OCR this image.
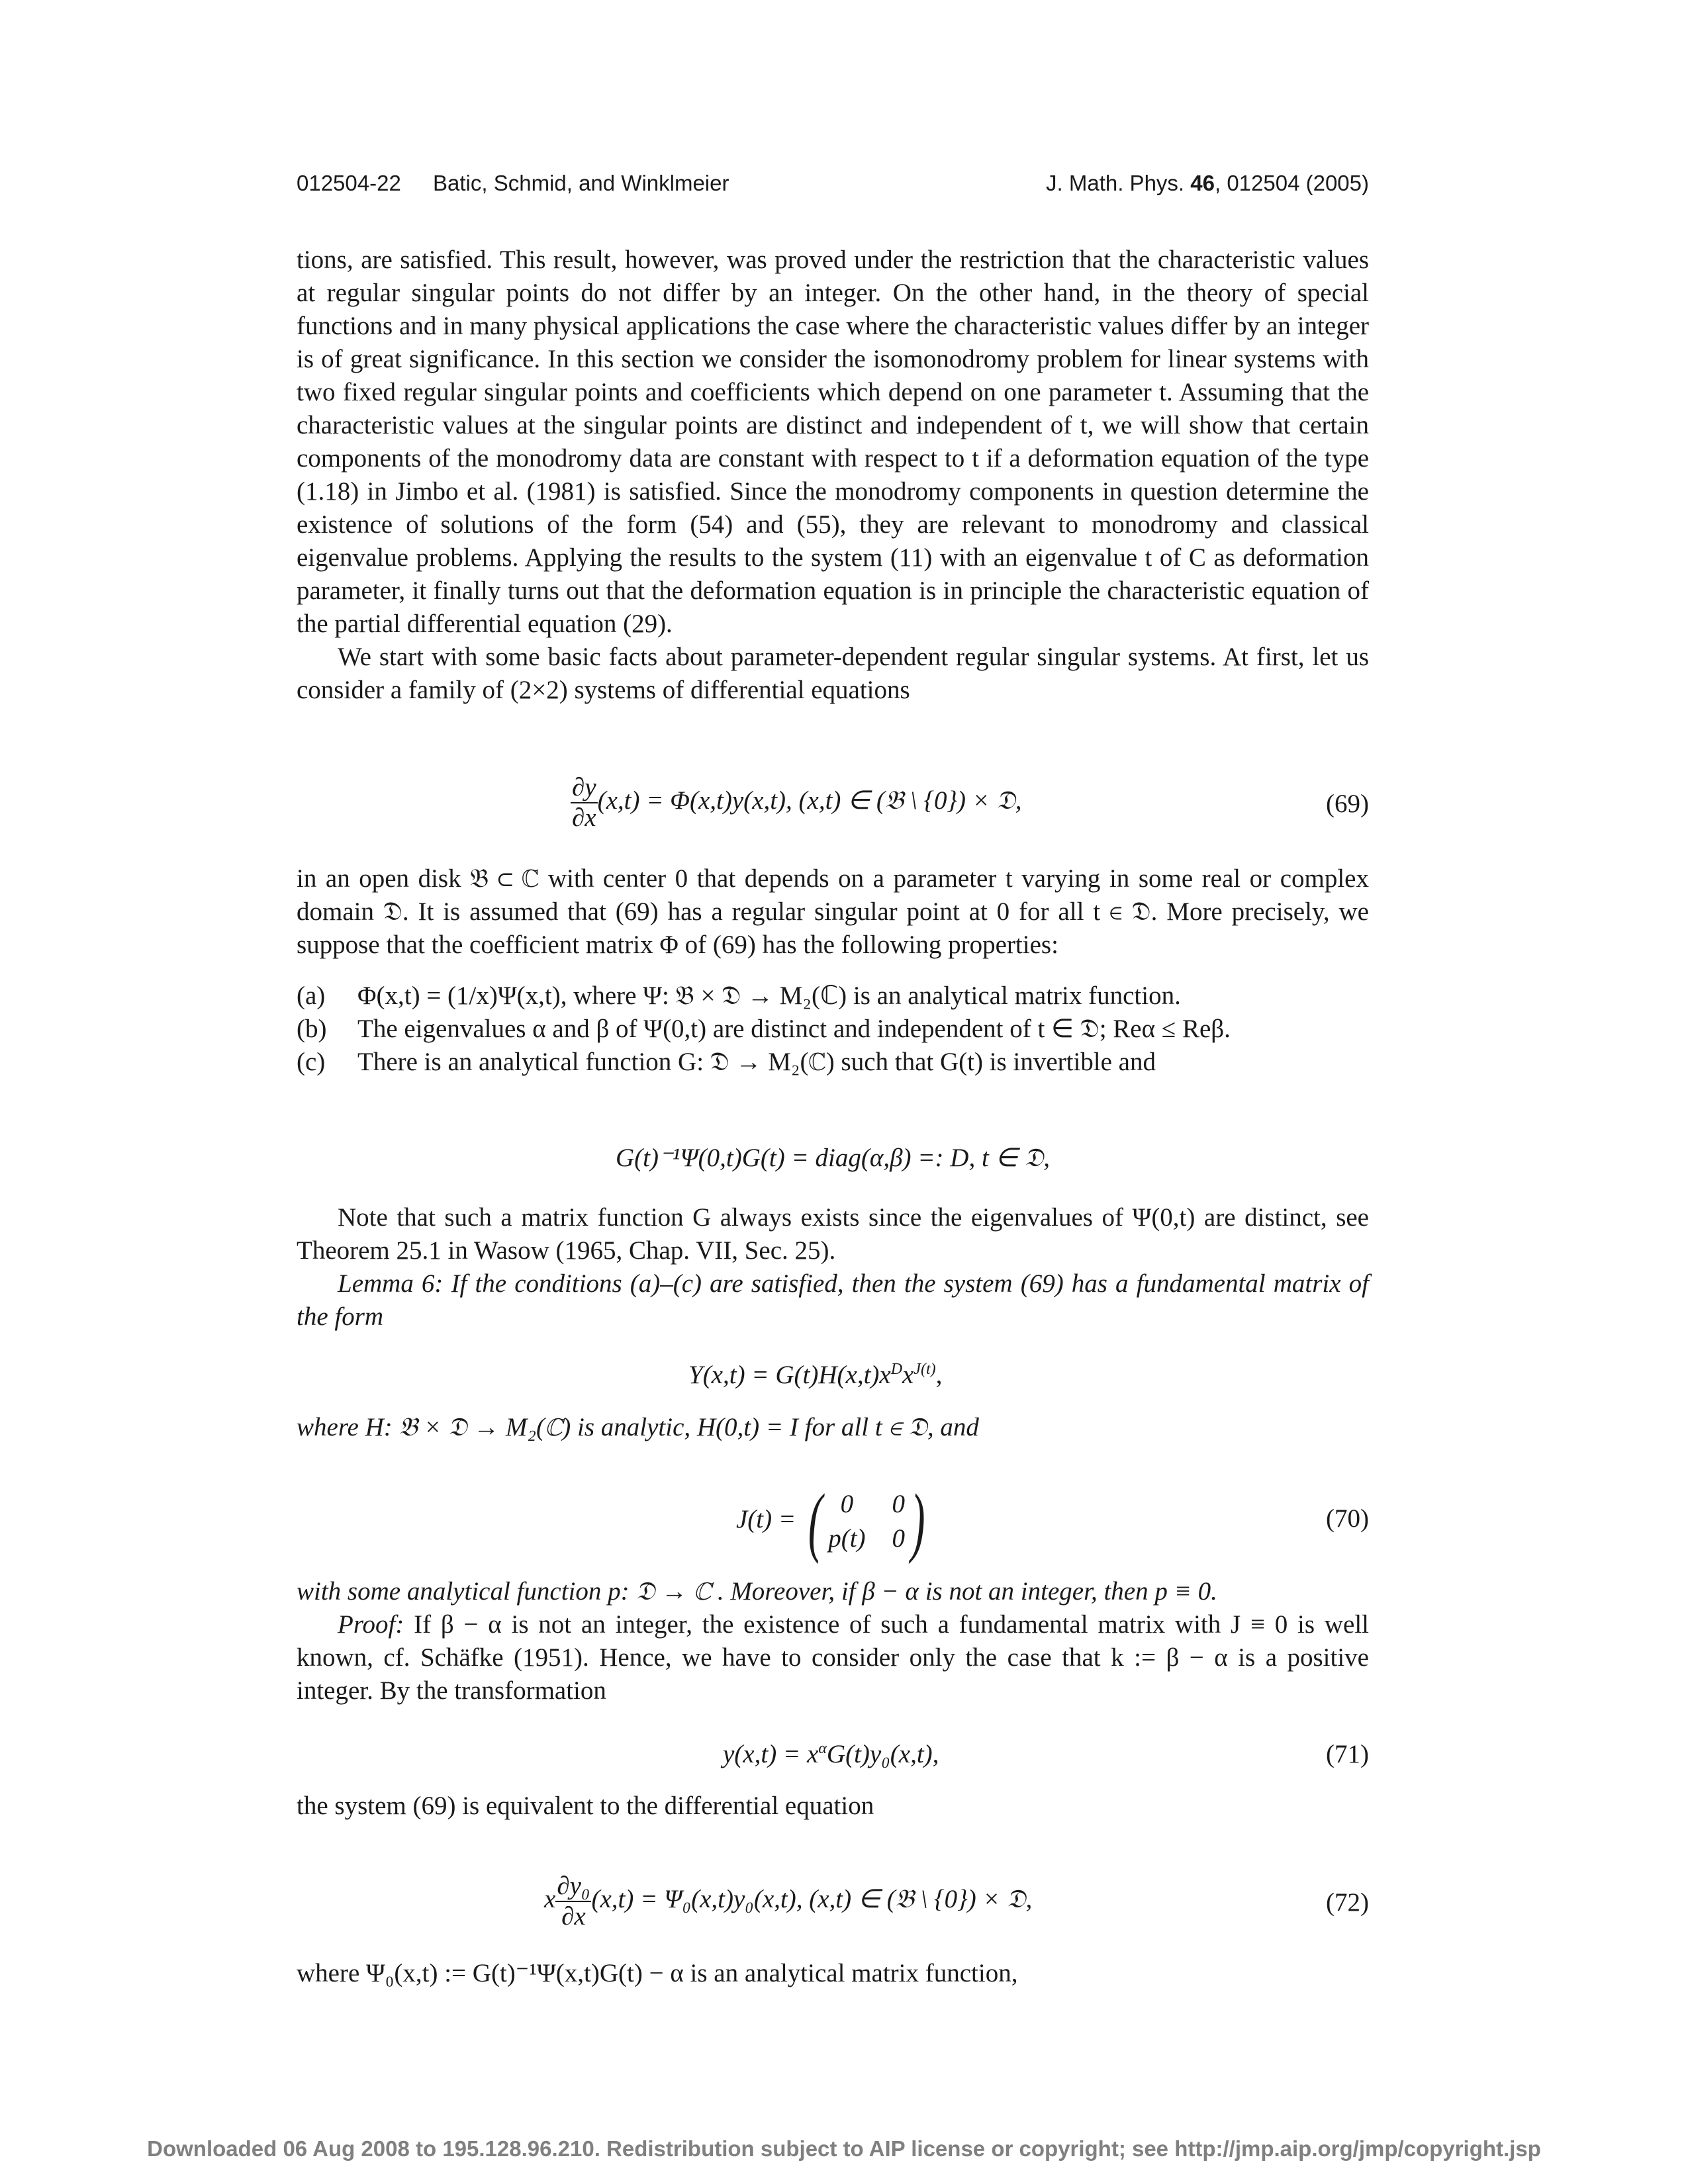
012504-22 Batic, Schmid, and Winklmeier	J. Math. Phys. 46, 012504 (2005)

tions, are satisfied. This result, however, was proved under the restriction that the characteristic values at regular singular points do not differ by an integer. On the other hand, in the theory of special functions and in many physical applications the case where the characteristic values differ by an integer is of great significance. In this section we consider the isomonodromy problem for linear systems with two fixed regular singular points and coefficients which depend on one parameter t. Assuming that the characteristic values at the singular points are distinct and independent of t, we will show that certain components of the monodromy data are constant with respect to t if a deformation equation of the type (1.18) in Jimbo et al. (1981) is satisfied. Since the monodromy components in question determine the existence of solutions of the form (54) and (55), they are relevant to monodromy and classical eigenvalue problems. Applying the results to the system (11) with an eigenvalue t of C as deformation parameter, it finally turns out that the deformation equation is in principle the characteristic equation of the partial differential equation (29).

We start with some basic facts about parameter-dependent regular singular systems. At first, let us consider a family of (2×2) systems of differential equations

$\frac{\partial y}{\partial x} (x,t) = \Phi(x,t)y(x,t)$, (x,t) ∈ (𝔅 \ {0}) × 𝔇,	(69)

in an open disk 𝔅 ⊂ ℂ with center 0 that depends on a parameter t varying in some real or complex domain 𝔇. It is assumed that (69) has a regular singular point at 0 for all t ∈ 𝔇. More precisely, we suppose that the coefficient matrix Φ of (69) has the following properties:

(a)	Φ(x,t) = (1/x)Ψ(x,t), where Ψ: 𝔅 × 𝔇 → M₂(ℂ) is an analytical matrix function.
(b)	The eigenvalues α and β of Ψ(0,t) are distinct and independent of t ∈ 𝔇; Reα ≤ Reβ.
(c)	There is an analytical function G: 𝔇 → M₂(ℂ) such that G(t) is invertible and
G(t)⁻¹Ψ(0,t)G(t) = diag(α,β) =: D, t ∈ 𝔇,

Note that such a matrix function G always exists since the eigenvalues of Ψ(0,t) are distinct, see Theorem 25.1 in Wasow (1965, Chap. VII, Sec. 25).

Lemma 6: If the conditions (a)–(c) are satisfied, then the system (69) has a fundamental matrix of the form

$Y(x,t) = G(t)H(x,t)x^Dx^{J(t)}$,

where H: 𝔅 × 𝔇 → M₂(ℂ) is analytic, H(0,t) = I for all t ∈ 𝔇, and

J(t) = ( 0	0
p(t) 0 )	(70)

with some analytical function p: 𝔇 → ℂ . Moreover, if β − α is not an integer, then p ≡ 0.

Proof: If β − α is not an integer, the existence of such a fundamental matrix with J ≡ 0 is well known, cf. Schäfke (1951). Hence, we have to consider only the case that k := β − α is a positive integer. By the transformation

$y(x,t) = x^\alpha G(t)y_0(x,t)$,	(71)

the system (69) is equivalent to the differential equation

x $\frac{\text{∂y₀}}{\partial x} (x,t) = \Psi_0(x,t)y_0(x,t)$, (x,t) ∈ (𝔅 \ {0}) × 𝔇,	(72)

where Ψ₀(x,t) := G(t)⁻¹Ψ(x,t)G(t) − α is an analytical matrix function,

Downloaded 06 Aug 2008 to 195.128.96.210. Redistribution subject to AIP license or copyright; see http://jmp.aip.org/jmp/copyright.jsp
